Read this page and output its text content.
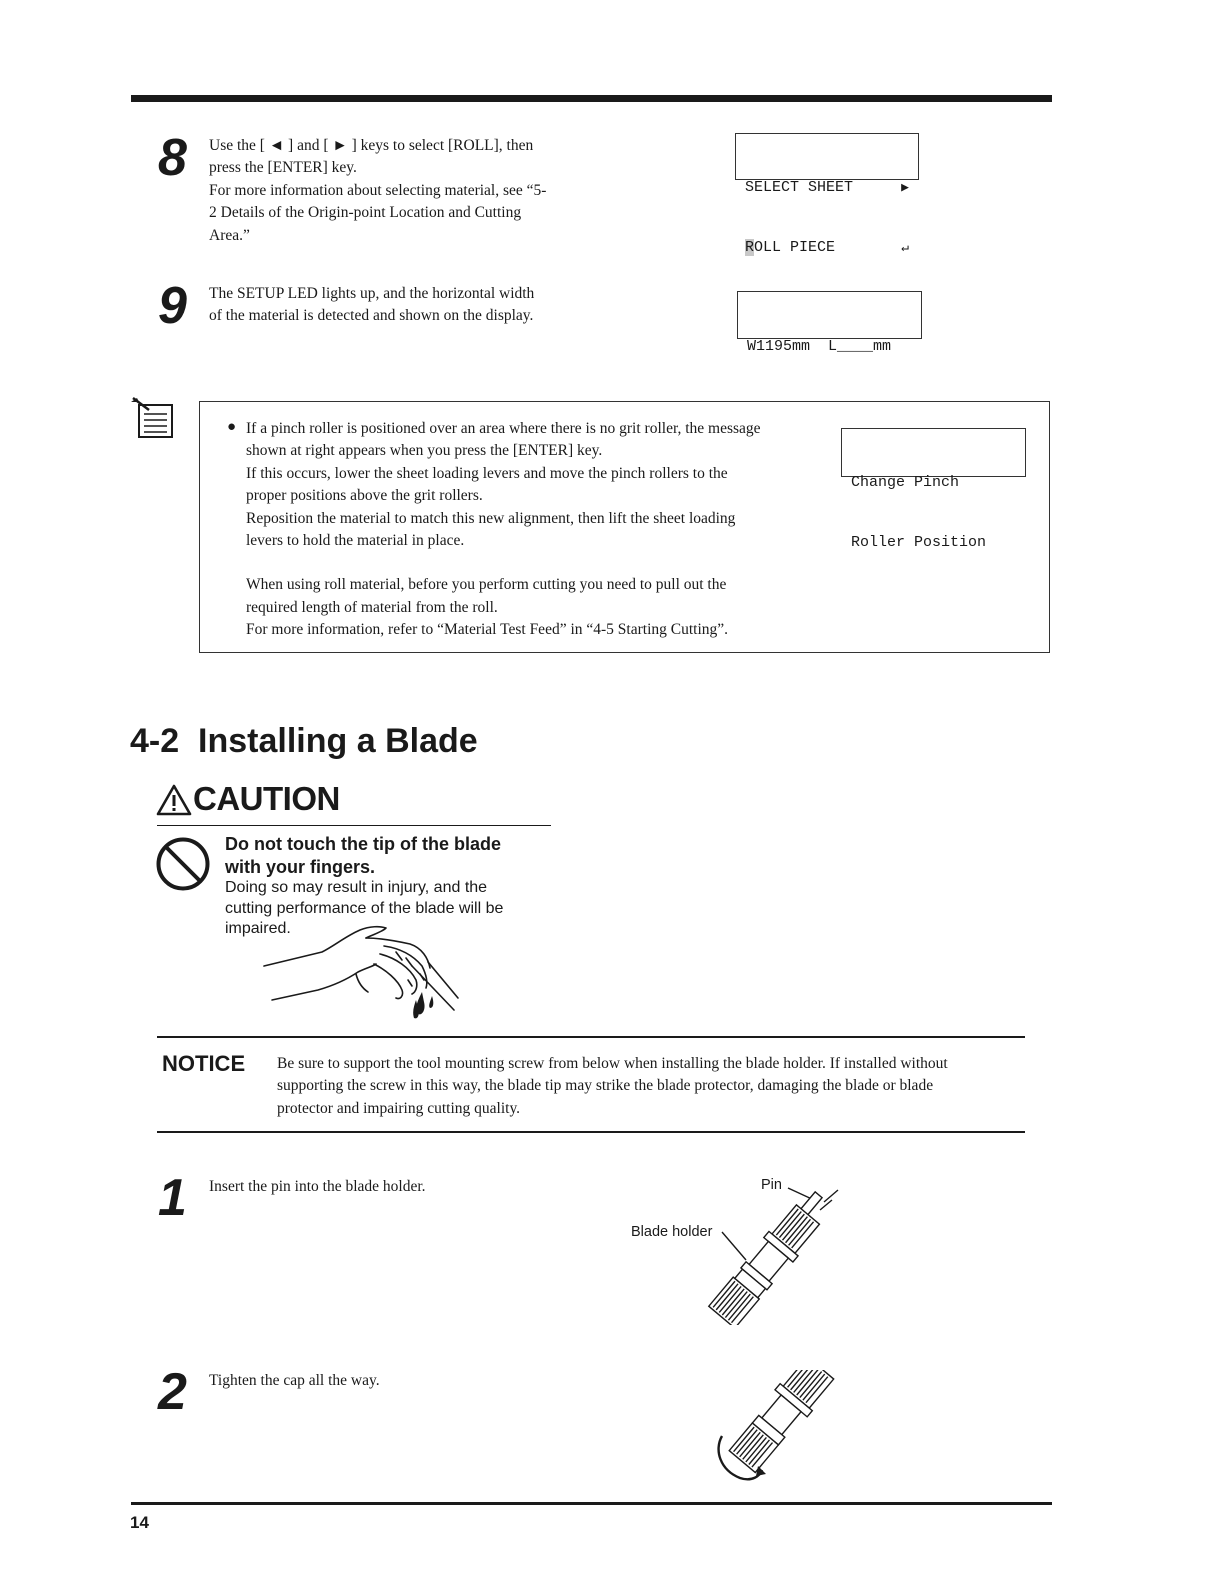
8 Use the [ ◄ ] and [ ► ] keys to select [ROLL], then
press the [ENTER] key.
For more information about selecting material, see “5-
2 Details of the Origin-point Location and Cutting
Area.”

SELECT SHEET	▶

ROLL PIECE	↵

9 The SETUP LED lights up, and the horizontal width
of the material is detected and shown on the display.

W1195mm  L____mm

● If a pinch roller is positioned over an area where there is no grit roller, the message
shown at right appears when you press the [ENTER] key.
If this occurs, lower the sheet loading levers and move the pinch rollers to the
proper positions above the grit rollers.
Reposition the material to match this new alignment, then lift the sheet loading
levers to hold the material in place.
When using roll material, before you perform cutting you need to pull out the
required length of material from the roll.
For more information, refer to “Material Test Feed” in “4-5 Starting Cutting”.

Change Pinch

Roller Position

4-2 Installing a Blade
CAUTION
Do not touch the tip of the blade
with your fingers.
Doing so may result in injury, and the
cutting performance of the blade will be
impaired.
NOTICE Be sure to support the tool mounting screw from below when installing the blade holder. If installed without
supporting the screw in this way, the blade tip may strike the blade protector, damaging the blade or blade
protector and impairing cutting quality.
1 Insert the pin into the blade holder.	Pin
Blade holder
2 Tighten the cap all the way.
14
